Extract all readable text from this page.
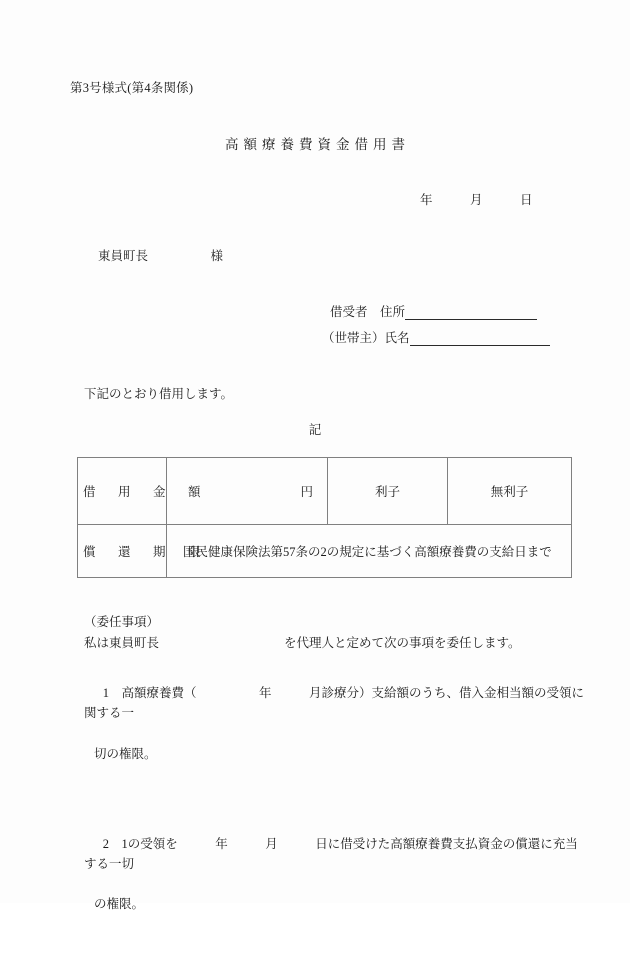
第3号様式(第4条関係)
高額療養費資金借用書
年　　　月　　　日
東員町長　　　　　様
借受者　住所
（世帯主）氏名
下記のとおり借用します。
記
借　用　金　額	円	利子	無利子
償　還　期　限	国民健康保険法第57条の2の規定に基づく高額療養費の支給日まで		
（委任事項）
私は東員町長　　　　　　　　　　を代理人と定めて次の事項を委任します。

1　高額療養費（　　　　　年　　　月診療分）支給額のうち、借入金相当額の受領に関する一

切の権限。

2　1の受領を　　　年　　　月　　　日に借受けた高額療養費支払資金の償還に充当する一切

の権限。
